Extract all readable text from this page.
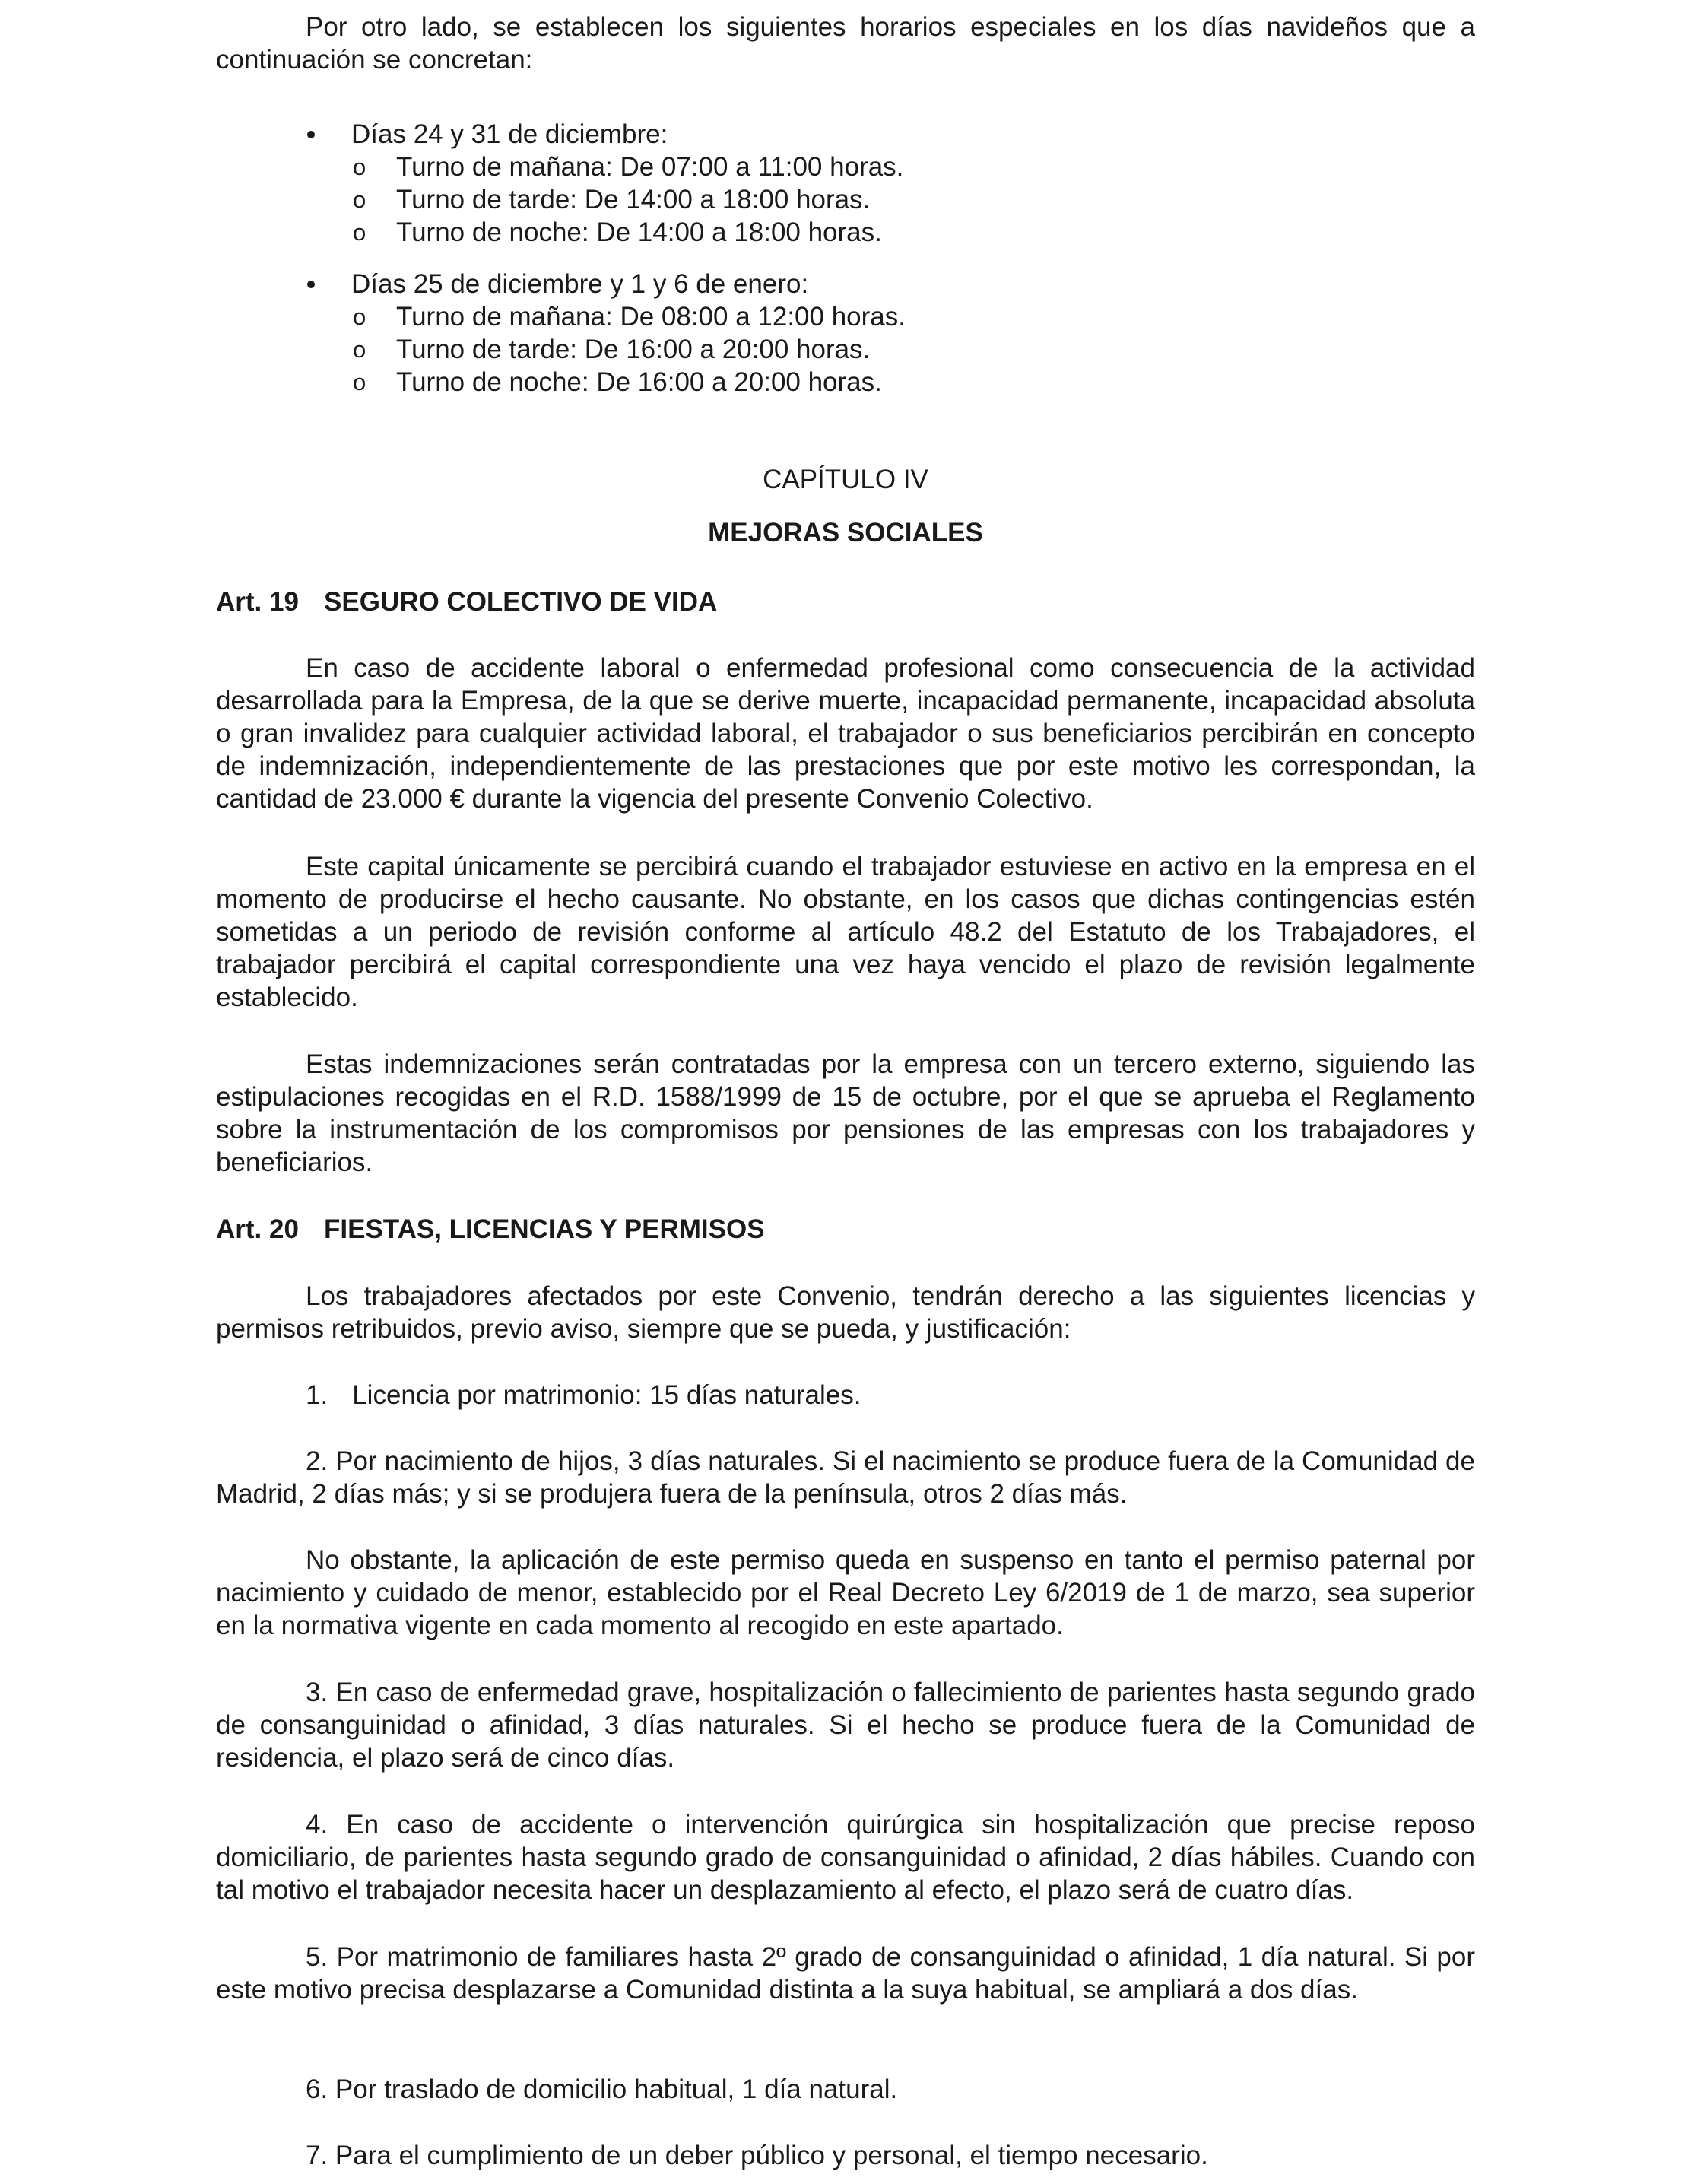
Por otro lado, se establecen los siguientes horarios especiales en los días navideños que a continuación se concretan:

Días 24 y 31 de diciembre:
o Turno de mañana: De 07:00 a 11:00 horas.
o Turno de tarde: De 14:00 a 18:00 horas.
o Turno de noche: De 14:00 a 18:00 horas.
Días 25 de diciembre y 1 y 6 de enero:
o Turno de mañana: De 08:00 a 12:00 horas.
o Turno de tarde: De 16:00 a 20:00 horas.
o Turno de noche: De 16:00 a 20:00 horas.
CAPÍTULO IV
MEJORAS SOCIALES
Art. 19 SEGURO COLECTIVO DE VIDA

En caso de accidente laboral o enfermedad profesional como consecuencia de la actividad desarrollada para la Empresa, de la que se derive muerte, incapacidad permanente, incapacidad absoluta o gran invalidez para cualquier actividad laboral, el trabajador o sus beneficiarios percibirán en concepto de indemnización, independientemente de las prestaciones que por este motivo les correspondan, la cantidad de 23.000 € durante la vigencia del presente Convenio Colectivo.

Este capital únicamente se percibirá cuando el trabajador estuviese en activo en la empresa en el momento de producirse el hecho causante. No obstante, en los casos que dichas contingencias estén sometidas a un periodo de revisión conforme al artículo 48.2 del Estatuto de los Trabajadores, el trabajador percibirá el capital correspondiente una vez haya vencido el plazo de revisión legalmente establecido.

Estas indemnizaciones serán contratadas por la empresa con un tercero externo, siguiendo las estipulaciones recogidas en el R.D. 1588/1999 de 15 de octubre, por el que se aprueba el Reglamento sobre la instrumentación de los compromisos por pensiones de las empresas con los trabajadores y beneficiarios.

Art. 20 FIESTAS, LICENCIAS Y PERMISOS

Los trabajadores afectados por este Convenio, tendrán derecho a las siguientes licencias y permisos retribuidos, previo aviso, siempre que se pueda, y justificación:

1. Licencia por matrimonio: 15 días naturales.

2. Por nacimiento de hijos, 3 días naturales. Si el nacimiento se produce fuera de la Comunidad de Madrid, 2 días más; y si se produjera fuera de la península, otros 2 días más.

No obstante, la aplicación de este permiso queda en suspenso en tanto el permiso paternal por nacimiento y cuidado de menor, establecido por el Real Decreto Ley 6/2019 de 1 de marzo, sea superior en la normativa vigente en cada momento al recogido en este apartado.

3. En caso de enfermedad grave, hospitalización o fallecimiento de parientes hasta segundo grado de consanguinidad o afinidad, 3 días naturales. Si el hecho se produce fuera de la Comunidad de residencia, el plazo será de cinco días.

4. En caso de accidente o intervención quirúrgica sin hospitalización que precise reposo domiciliario, de parientes hasta segundo grado de consanguinidad o afinidad, 2 días hábiles. Cuando con tal motivo el trabajador necesita hacer un desplazamiento al efecto, el plazo será de cuatro días.

5. Por matrimonio de familiares hasta 2º grado de consanguinidad o afinidad, 1 día natural. Si por este motivo precisa desplazarse a Comunidad distinta a la suya habitual, se ampliará a dos días.

6. Por traslado de domicilio habitual, 1 día natural.

7. Para el cumplimiento de un deber público y personal, el tiempo necesario.
